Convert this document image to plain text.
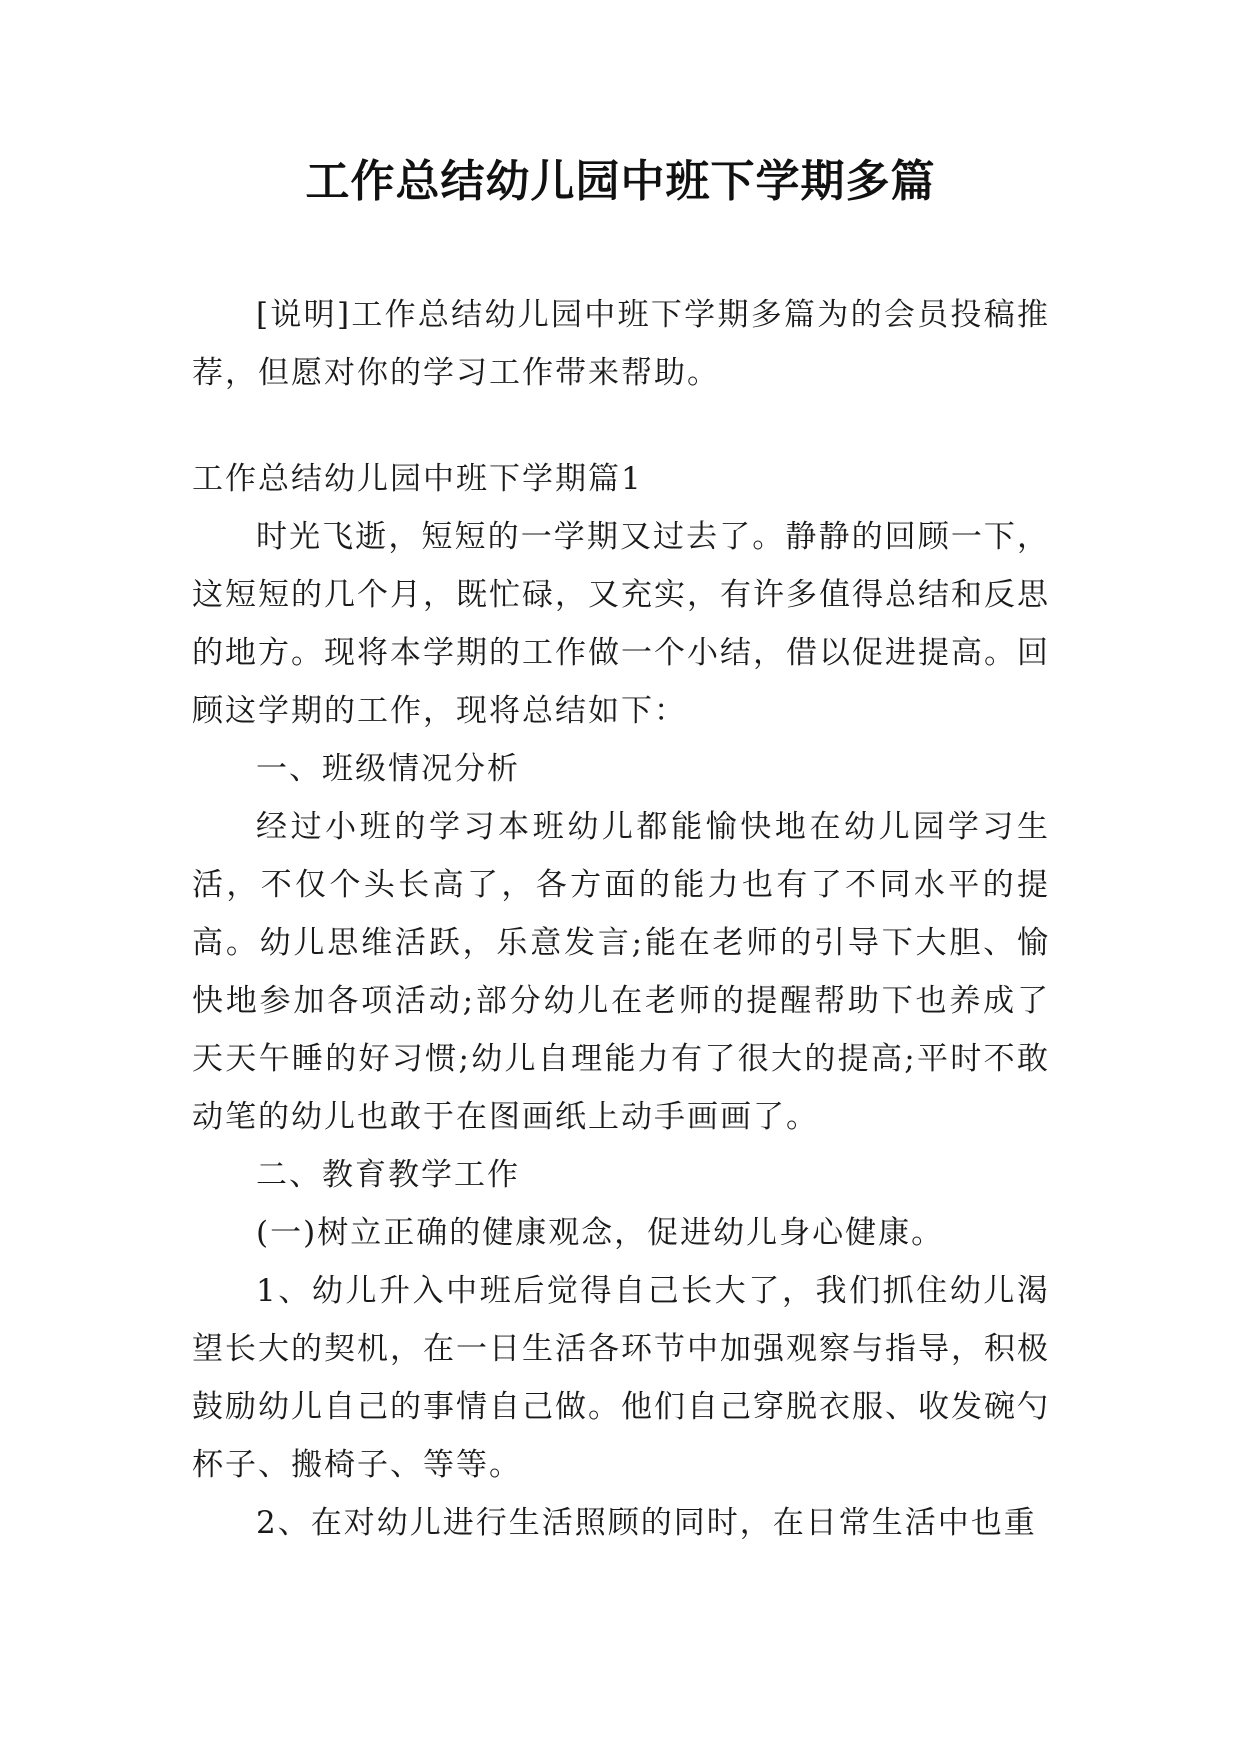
工作总结幼儿园中班下学期多篇

[说明]工作总结幼儿园中班下学期多篇为的会员投稿推荐，但愿对你的学习工作带来帮助。

工作总结幼儿园中班下学期篇1

时光飞逝，短短的一学期又过去了。静静的回顾一下，这短短的几个月，既忙碌，又充实，有许多值得总结和反思的地方。现将本学期的工作做一个小结，借以促进提高。回顾这学期的工作，现将总结如下：

一、班级情况分析

经过小班的学习本班幼儿都能愉快地在幼儿园学习生活，不仅个头长高了，各方面的能力也有了不同水平的提高。幼儿思维活跃，乐意发言;能在老师的引导下大胆、愉快地参加各项活动;部分幼儿在老师的提醒帮助下也养成了天天午睡的好习惯;幼儿自理能力有了很大的提高;平时不敢动笔的幼儿也敢于在图画纸上动手画画了。

二、教育教学工作

(一)树立正确的健康观念，促进幼儿身心健康。

1、幼儿升入中班后觉得自己长大了，我们抓住幼儿渴望长大的契机，在一日生活各环节中加强观察与指导，积极鼓励幼儿自己的事情自己做。他们自己穿脱衣服、收发碗勺杯子、搬椅子、等等。

2、在对幼儿进行生活照顾的同时，在日常生活中也重
